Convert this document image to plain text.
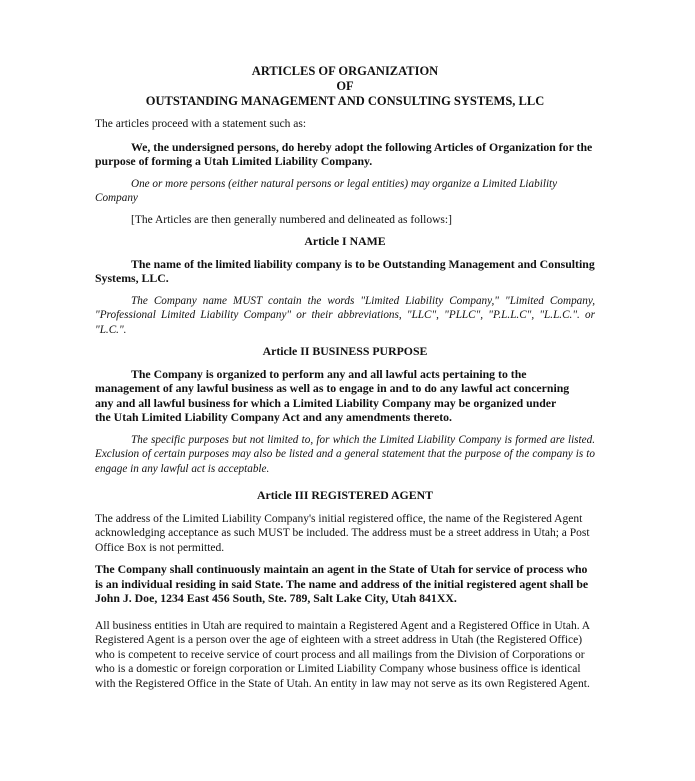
ARTICLES OF ORGANIZATION
OF
OUTSTANDING MANAGEMENT AND CONSULTING SYSTEMS, LLC

The articles proceed with a statement such as:

We, the undersigned persons, do hereby adopt the following Articles of Organization for the purpose of forming a Utah Limited Liability Company.

One or more persons (either natural persons or legal entities) may organize a Limited Liability Company

[The Articles are then generally numbered and delineated as follows:]

Article I NAME

The name of the limited liability company is to be Outstanding Management and Consulting Systems, LLC.

The Company name MUST contain the words "Limited Liability Company," "Limited Company, "Professional Limited Liability Company" or their abbreviations, "LLC", "PLLC", "P.L.L.C", "L.L.C.". or "L.C.".

Article II BUSINESS PURPOSE

The Company is organized to perform any and all lawful acts pertaining to the

management of any lawful business as well as to engage in and to do any lawful act concerning

any and all lawful business for which a Limited Liability Company may be organized under

the Utah Limited Liability Company Act and any amendments thereto.

The specific purposes but not limited to, for which the Limited Liability Company is formed are listed. Exclusion of certain purposes may also be listed and a general statement that the purpose of the company is to engage in any lawful act is acceptable.

Article III REGISTERED AGENT

The address of the Limited Liability Company's initial registered office, the name of the Registered Agent acknowledging acceptance as such MUST be included. The address must be a street address in Utah; a Post Office Box is not permitted.

The Company shall continuously maintain an agent in the State of Utah for service of process who is an individual residing in said State. The name and address of the initial registered agent shall be John J. Doe, 1234 East 456 South, Ste. 789, Salt Lake City, Utah 841XX.

All business entities in Utah are required to maintain a Registered Agent and a Registered Office in Utah. A Registered Agent is a person over the age of eighteen with a street address in Utah (the Registered Office) who is competent to receive service of court process and all mailings from the Division of Corporations or who is a domestic or foreign corporation or Limited Liability Company whose business office is identical with the Registered Office in the State of Utah. An entity in law may not serve as its own Registered Agent.
